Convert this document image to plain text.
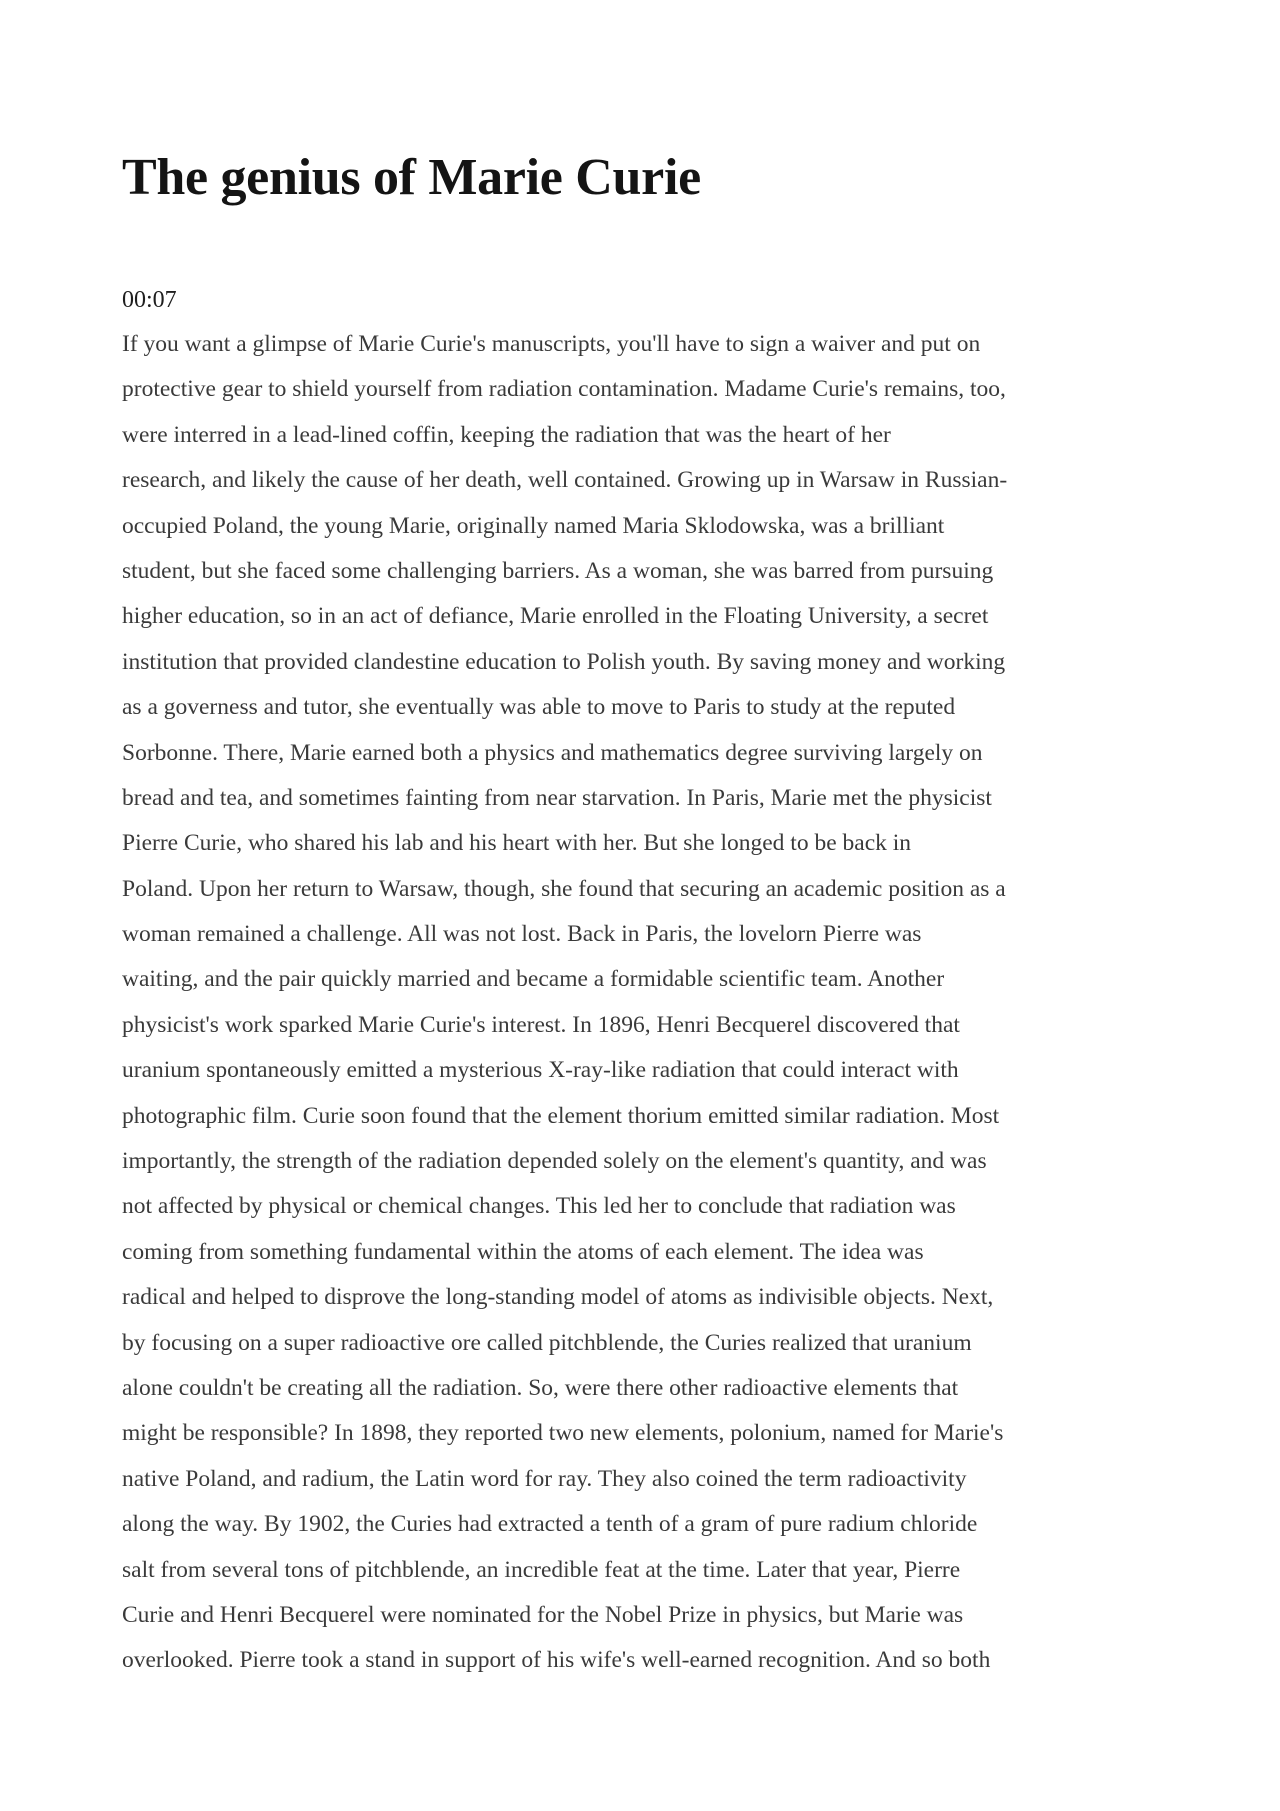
The genius of Marie Curie
00:07
If you want a glimpse of Marie Curie's manuscripts, you'll have to sign a waiver and put on
protective gear to shield yourself from radiation contamination. Madame Curie's remains, too,
were interred in a lead-lined coffin, keeping the radiation that was the heart of her
research, and likely the cause of her death, well contained. Growing up in Warsaw in Russian-
occupied Poland, the young Marie, originally named Maria Sklodowska, was a brilliant
student, but she faced some challenging barriers. As a woman, she was barred from pursuing
higher education, so in an act of defiance, Marie enrolled in the Floating University, a secret
institution that provided clandestine education to Polish youth. By saving money and working
as a governess and tutor, she eventually was able to move to Paris to study at the reputed
Sorbonne. There, Marie earned both a physics and mathematics degree surviving largely on
bread and tea, and sometimes fainting from near starvation. In Paris, Marie met the physicist
Pierre Curie, who shared his lab and his heart with her. But she longed to be back in
Poland. Upon her return to Warsaw, though, she found that securing an academic position as a
woman remained a challenge. All was not lost. Back in Paris, the lovelorn Pierre was
waiting, and the pair quickly married and became a formidable scientific team. Another
physicist's work sparked Marie Curie's interest. In 1896, Henri Becquerel discovered that
uranium spontaneously emitted a mysterious X-ray-like radiation that could interact with
photographic film. Curie soon found that the element thorium emitted similar radiation. Most
importantly, the strength of the radiation depended solely on the element's quantity, and was
not affected by physical or chemical changes. This led her to conclude that radiation was
coming from something fundamental within the atoms of each element. The idea was
radical and helped to disprove the long-standing model of atoms as indivisible objects. Next,
by focusing on a super radioactive ore called pitchblende, the Curies realized that uranium
alone couldn't be creating all the radiation. So, were there other radioactive elements that
might be responsible? In 1898, they reported two new elements, polonium, named for Marie's
native Poland, and radium, the Latin word for ray. They also coined the term radioactivity
along the way. By 1902, the Curies had extracted a tenth of a gram of pure radium chloride
salt from several tons of pitchblende, an incredible feat at the time. Later that year, Pierre
Curie and Henri Becquerel were nominated for the Nobel Prize in physics, but Marie was
overlooked. Pierre took a stand in support of his wife's well-earned recognition. And so both
